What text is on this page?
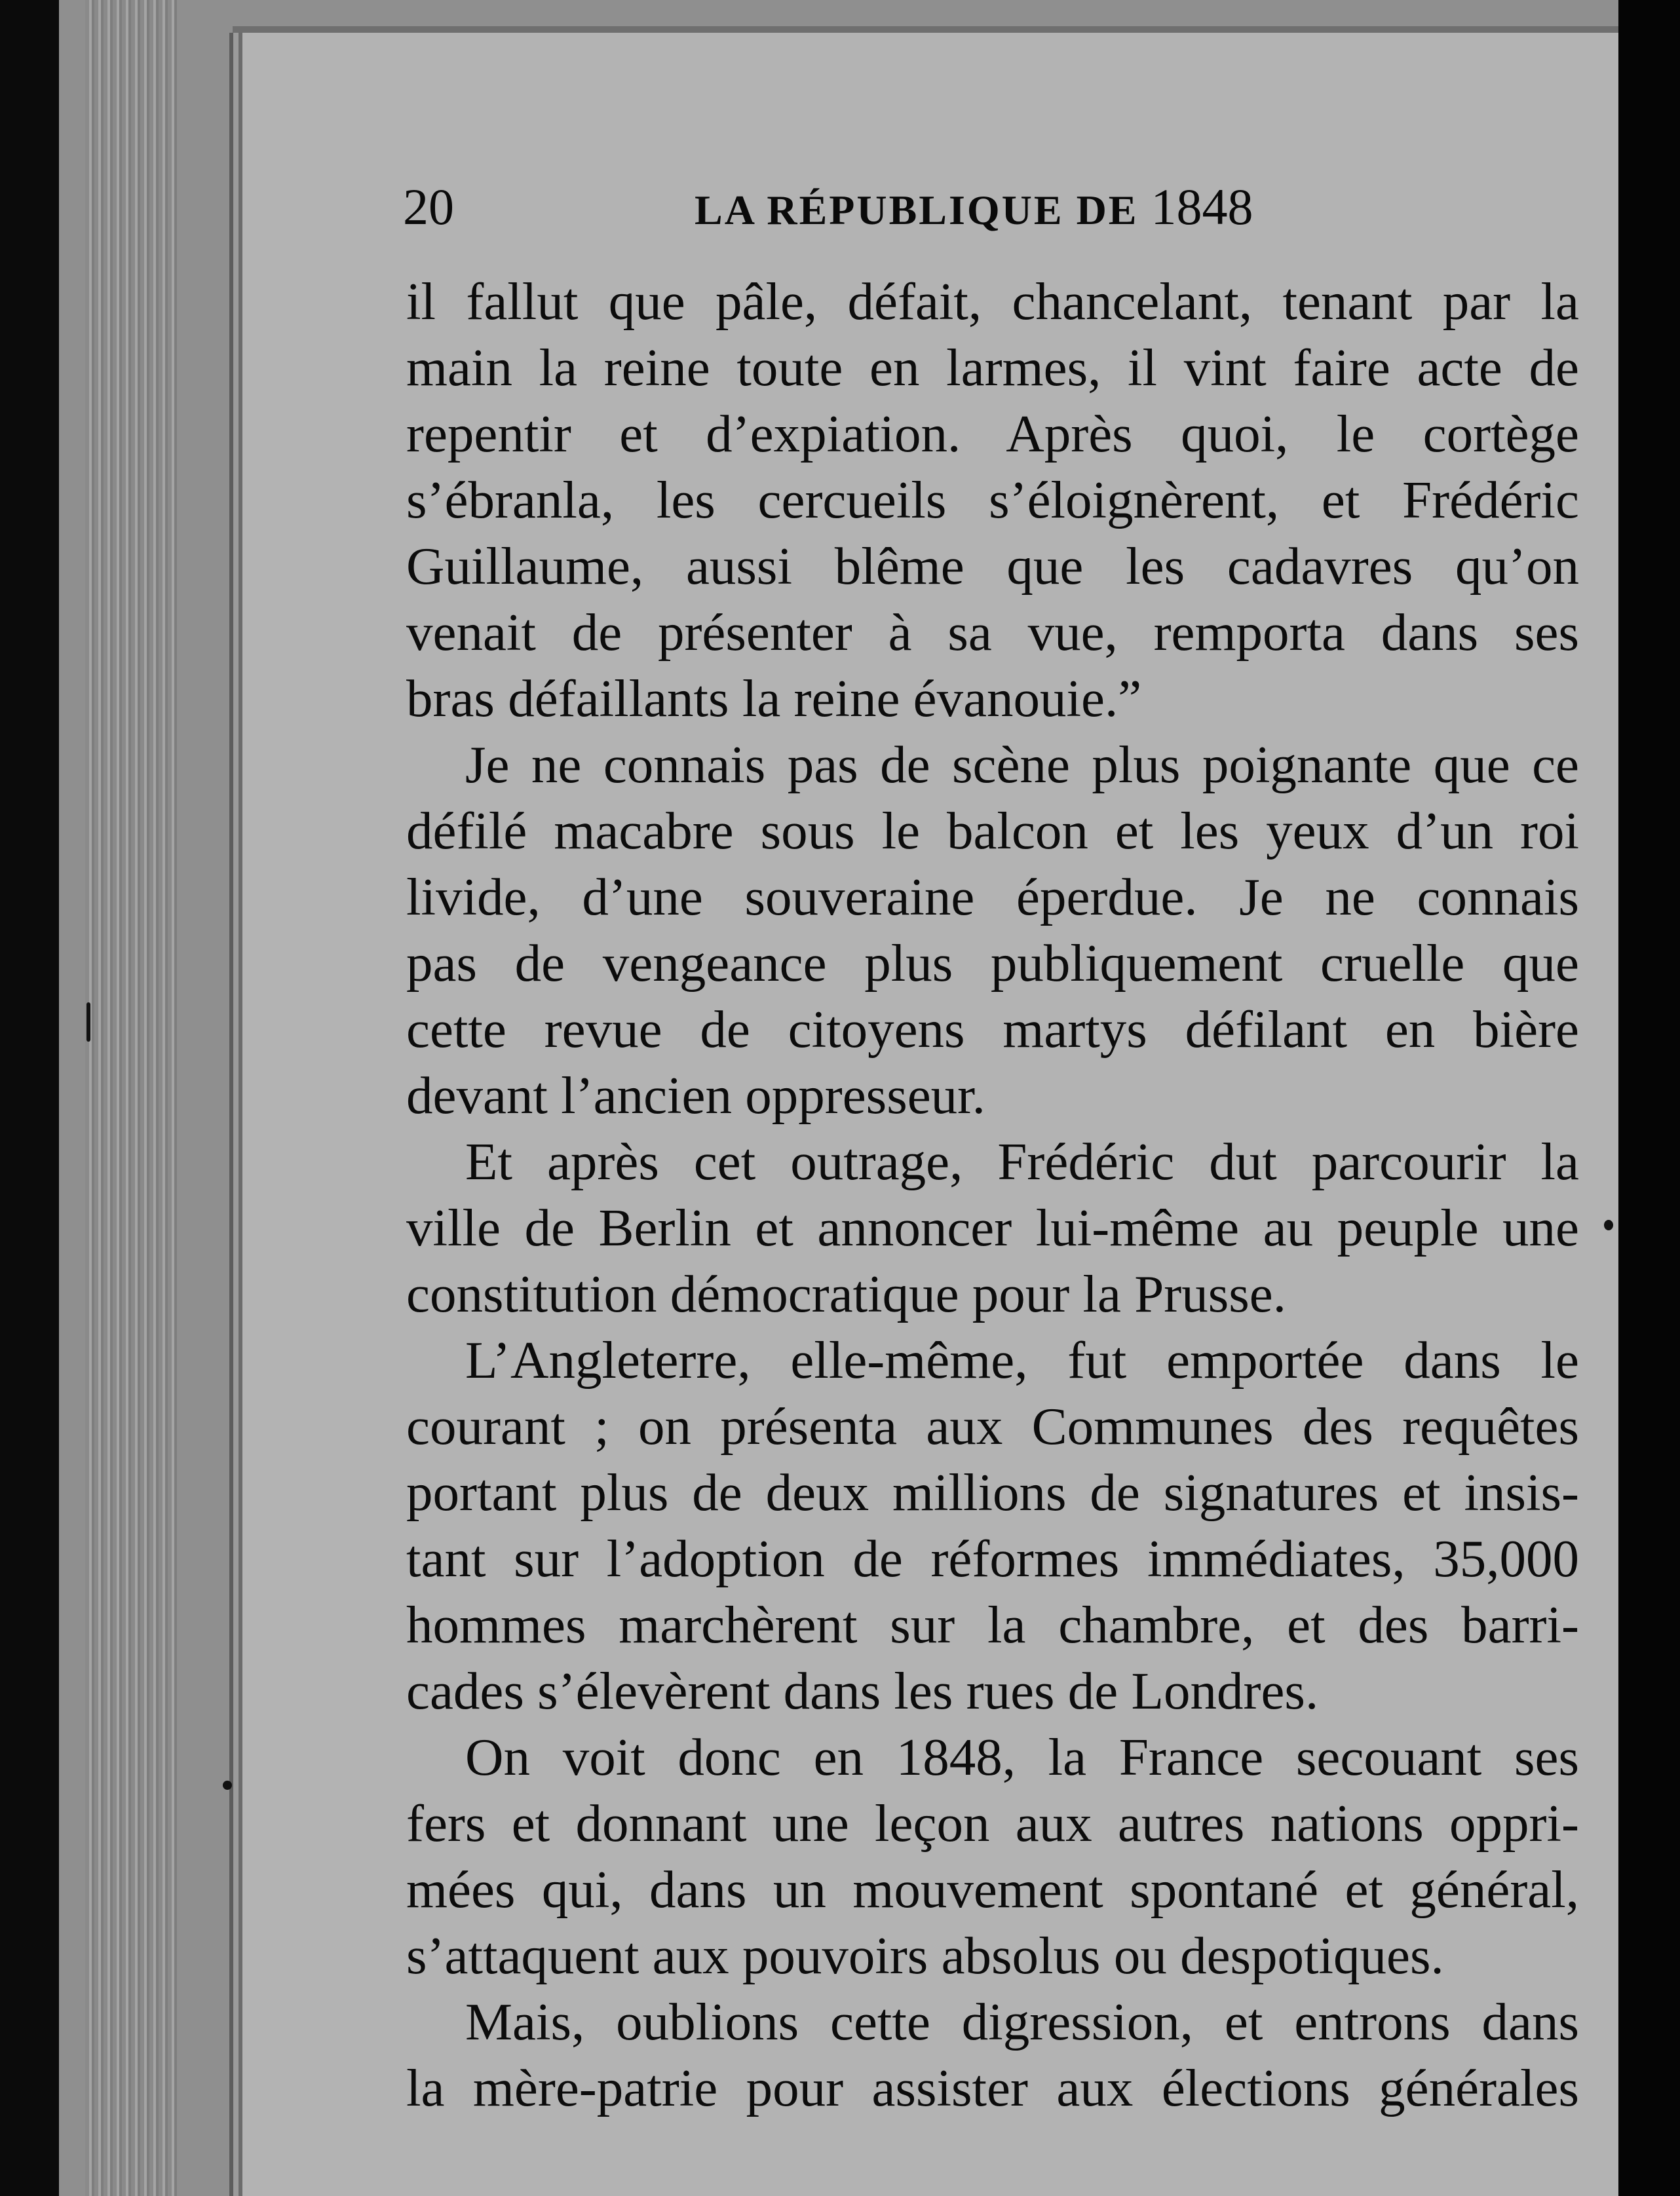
20	LA RÉPUBLIQUE DE 1848
il fallut que pâle, défait, chancelant, tenant par la
main la reine toute en larmes, il vint faire acte de
repentir et d’expiation. Après quoi, le cortège
s’ébranla, les cercueils s’éloignèrent, et Frédéric
Guillaume, aussi blême que les cadavres qu’on
venait de présenter à sa vue, remporta dans ses
bras défaillants la reine évanouie.”
Je ne connais pas de scène plus poignante que ce
défilé macabre sous le balcon et les yeux d’un roi
livide, d’une souveraine éperdue. Je ne connais
pas de vengeance plus publiquement cruelle que
cette revue de citoyens martys défilant en bière
devant l’ancien oppresseur.
Et après cet outrage, Frédéric dut parcourir la
ville de Berlin et annoncer lui-même au peuple une
constitution démocratique pour la Prusse.
L’Angleterre, elle-même, fut emportée dans le
courant ; on présenta aux Communes des requêtes
portant plus de deux millions de signatures et insis-
tant sur l’adoption de réformes immédiates, 35,000
hommes marchèrent sur la chambre, et des barri-
cades s’élevèrent dans les rues de Londres.
On voit donc en 1848, la France secouant ses
fers et donnant une leçon aux autres nations oppri-
mées qui, dans un mouvement spontané et général,
s’attaquent aux pouvoirs absolus ou despotiques.
Mais, oublions cette digression, et entrons dans
la mère-patrie pour assister aux élections générales
